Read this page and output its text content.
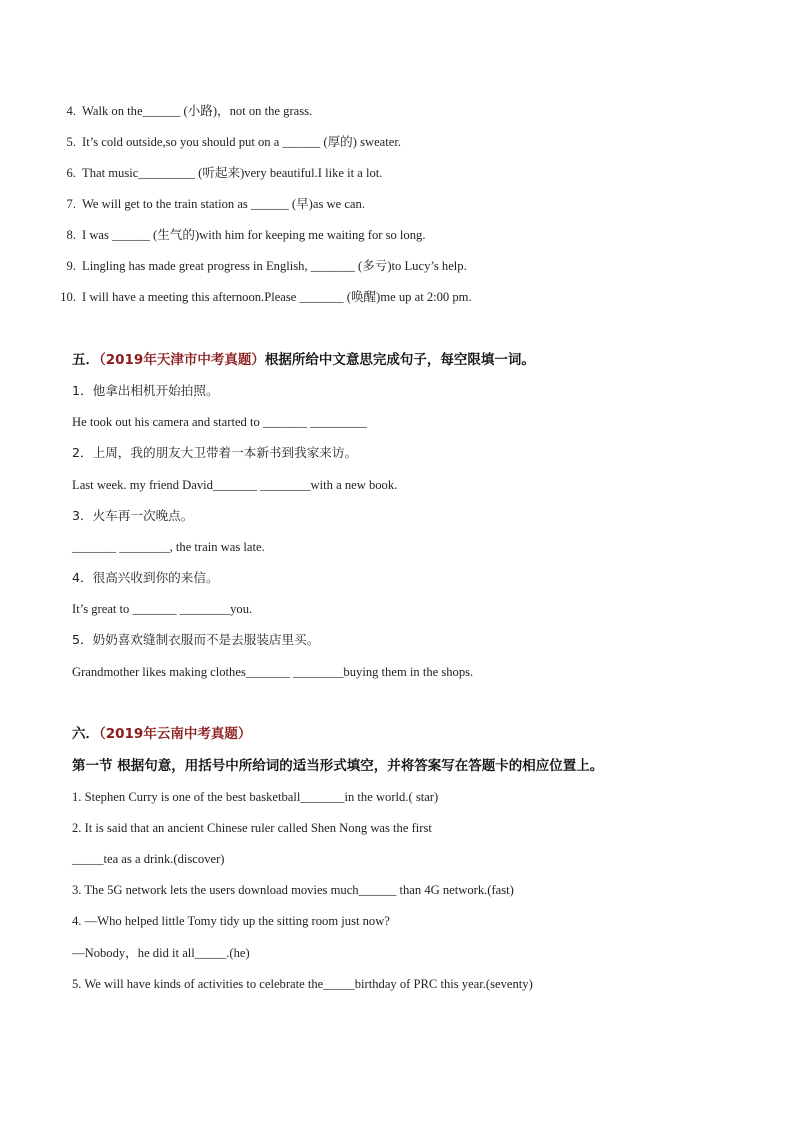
4. Walk on the______ (小路)，not on the grass.
5. It’s cold outside,so you should put on a ______ (厚的) sweater.
6. That music_________ (听起来)very beautiful.I like it a lot.
7. We will get to the train station as ______ (早)as we can.
8. I was ______ (生气的)with him for keeping me waiting for so long.
9. Lingling has made great progress in English, _______ (多亏)to Lucy’s help.
10. I will have a meeting this afternoon.Please _______ (唤醒)me up at 2:00 pm.
五．（2019年天津市中考真题）根据所给中文意思完成句子，每空限填一词。
1．他拿出相机开始拍照。
He took out his camera and started to _______ _________
2．上周，我的朋友大卫带着一本新书到我家来访。
Last week. my friend David_______ ________with a new book.
3．火车再一次晚点。
_______ ________, the train was late.
4．很高兴收到你的来信。
It’s great to _______ ________you.
5．奶奶喜欢缝制衣服而不是去服装店里买。
Grandmother likes making clothes_______ ________buying them in the shops.
六．（2019年云南中考真题）
第一节 根据句意，用括号中所给词的适当形式填空，并将答案写在答题卡的相应位置上。
1. Stephen Curry is one of the best basketball_______in the world.( star)
2. It is said that an ancient Chinese ruler called Shen Nong was the first
_____tea as a drink.(discover)
3. The 5G network lets the users download movies much______ than 4G network.(fast)
4. —Who helped little Tomy tidy up the sitting room just now?
—Nobody，he did it all_____.(he)
5. We will have kinds of activities to celebrate the_____birthday of PRC this year.(seventy)
